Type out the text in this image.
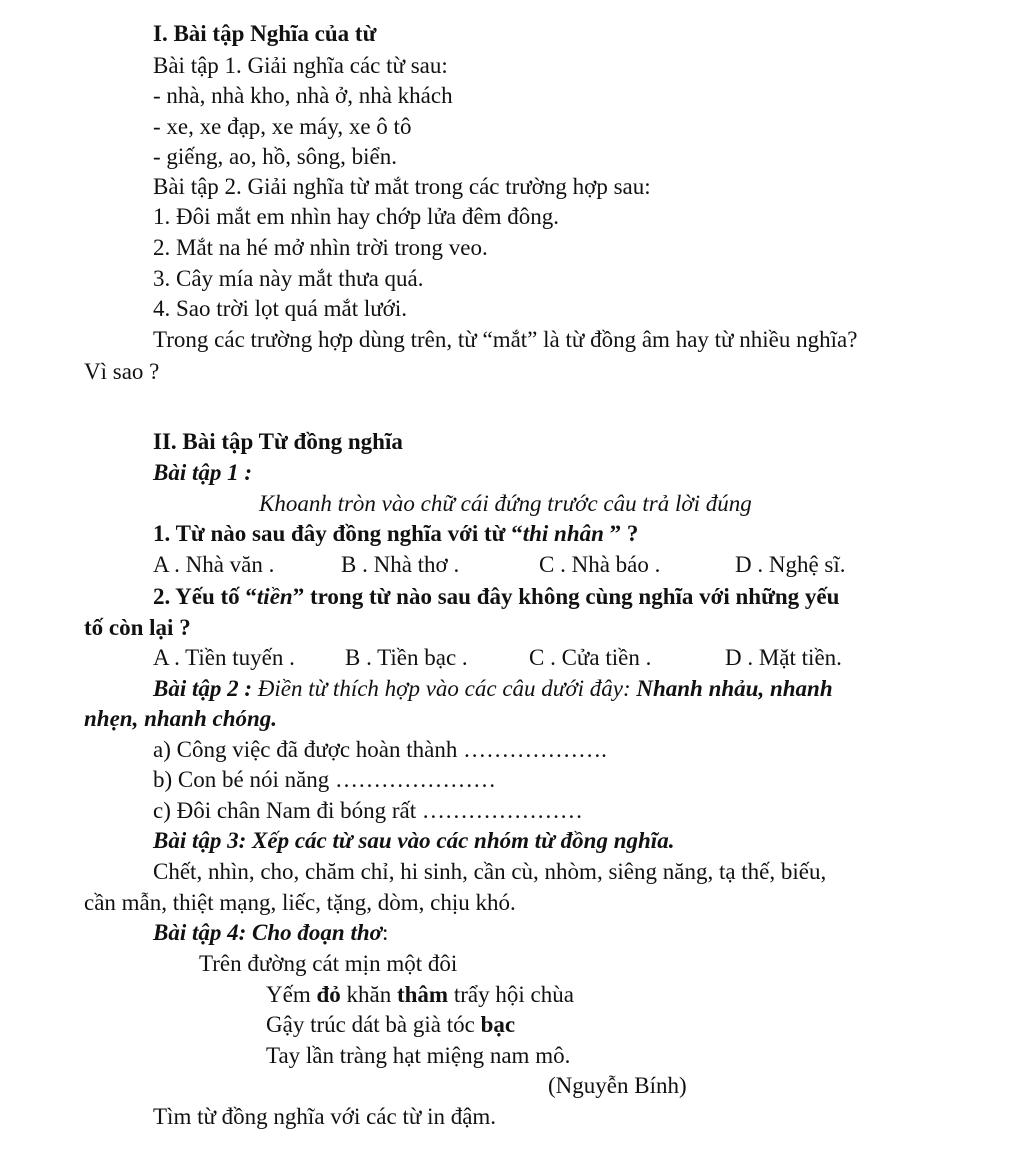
I. Bài tập Nghĩa của từ
Bài tập 1. Giải nghĩa các từ sau:
- nhà, nhà kho, nhà ở, nhà khách
- xe, xe đạp, xe máy, xe ô tô
- giếng, ao, hồ, sông, biển.
Bài tập 2. Giải nghĩa từ mắt trong các trường hợp sau:
1. Đôi mắt em nhìn hay chớp lửa đêm đông.
2. Mắt na hé mở nhìn trời trong veo.
3. Cây mía này mắt thưa quá.
4. Sao trời lọt quá mắt lưới.
Trong các trường hợp dùng trên, từ “mắt” là từ đồng âm hay từ nhiều nghĩa?
Vì sao ?
II. Bài tập Từ đồng nghĩa
Bài tập 1 :
Khoanh tròn vào chữ cái đứng trước câu trả lời đúng
1. Từ nào sau đây đồng nghĩa với từ “thi nhân ” ?
A . Nhà văn .	B . Nhà thơ .	C . Nhà báo .	D . Nghệ sĩ.
2. Yếu tố “tiền” trong từ nào sau đây không cùng nghĩa với những yếu
tố còn lại ?
A . Tiền tuyến . B . Tiền bạc .	C . Cửa tiền .	D . Mặt tiền.
Bài tập 2 : Điền từ thích hợp vào các câu dưới đây: Nhanh nhảu, nhanh
nhẹn, nhanh chóng.
a) Công việc đã được hoàn thành ……………….
b) Con bé nói năng …………………
c) Đôi chân Nam đi bóng rất …………………
Bài tập 3: Xếp các từ sau vào các nhóm từ đồng nghĩa.
Chết, nhìn, cho, chăm chỉ, hi sinh, cần cù, nhòm, siêng năng, tạ thế, biếu,
cần mẫn, thiệt mạng, liếc, tặng, dòm, chịu khó.
Bài tập 4: Cho đoạn thơ:
Trên đường cát mịn một đôi
Yếm đỏ khăn thâm trẩy hội chùa
Gậy trúc dát bà già tóc bạc
Tay lần tràng hạt miệng nam mô.
(Nguyễn Bính)
Tìm từ đồng nghĩa với các từ in đậm.
